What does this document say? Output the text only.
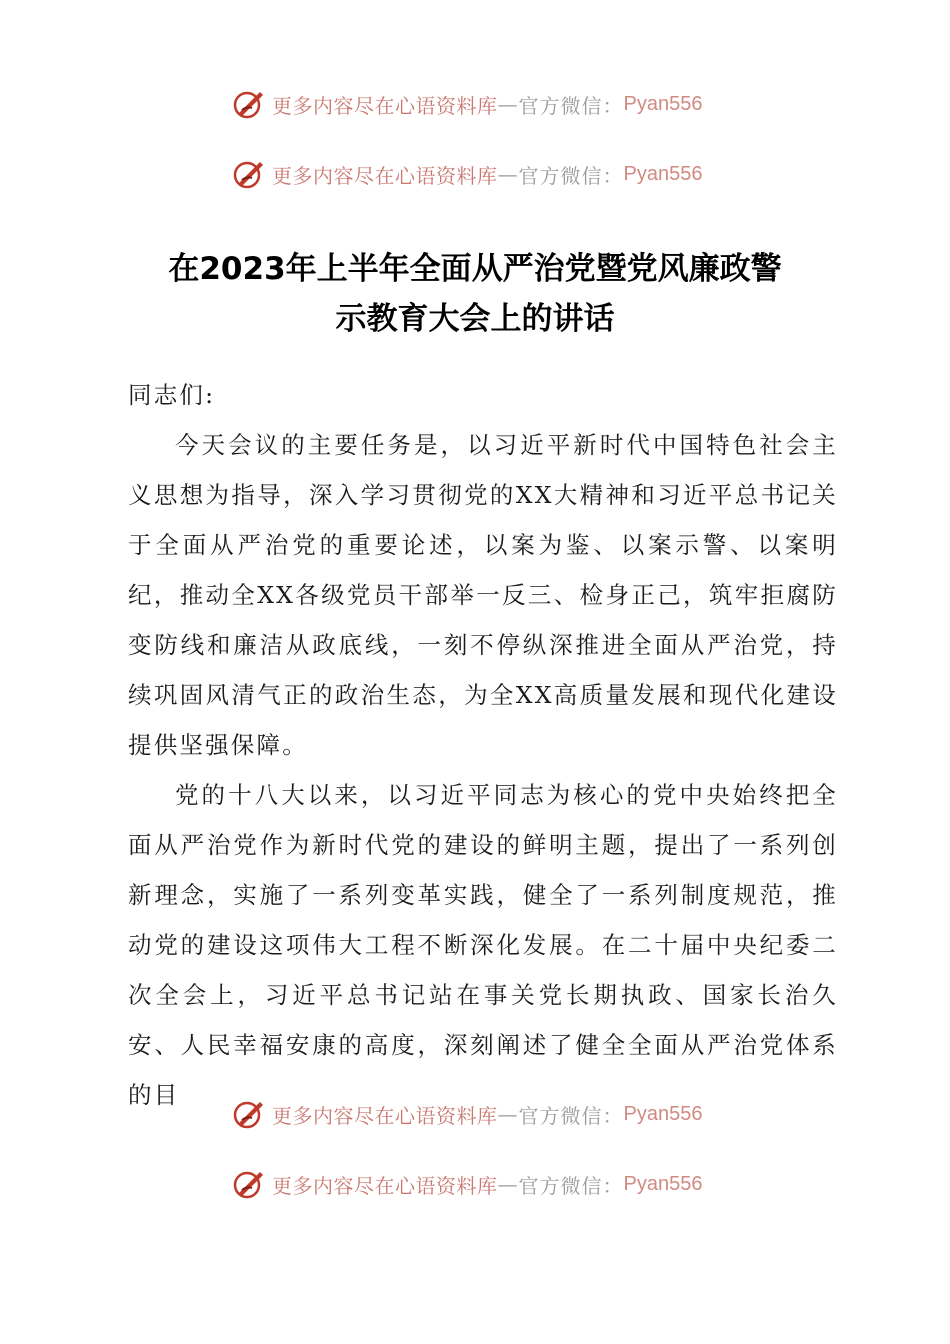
更多内容尽在心语资料库 — 官方微信： Pyan556
更多内容尽在心语资料库 — 官方微信： Pyan556
在2023年上半年全面从严治党暨党风廉政警
示教育大会上的讲话

同志们:

今天会议的主要任务是，以习近平新时代中国特色社会主义思想为指导，深入学习贯彻党的XX大精神和习近平总书记关于全面从严治党的重要论述，以案为鉴、以案示警、以案明纪，推动全XX各级党员干部举一反三、检身正己，筑牢拒腐防变防线和廉洁从政底线，一刻不停纵深推进全面从严治党，持续巩固风清气正的政治生态，为全XX高质量发展和现代化建设提供坚强保障。

党的十八大以来，以习近平同志为核心的党中央始终把全面从严治党作为新时代党的建设的鲜明主题，提出了一系列创新理念，实施了一系列变革实践，健全了一系列制度规范，推动党的建设这项伟大工程不断深化发展。在二十届中央纪委二次全会上，习近平总书记站在事关党长期执政、国家长治久安、人民幸福安康的高度，深刻阐述了健全全面从严治党体系的目

更多内容尽在心语资料库 — 官方微信： Pyan556
更多内容尽在心语资料库 — 官方微信： Pyan556
